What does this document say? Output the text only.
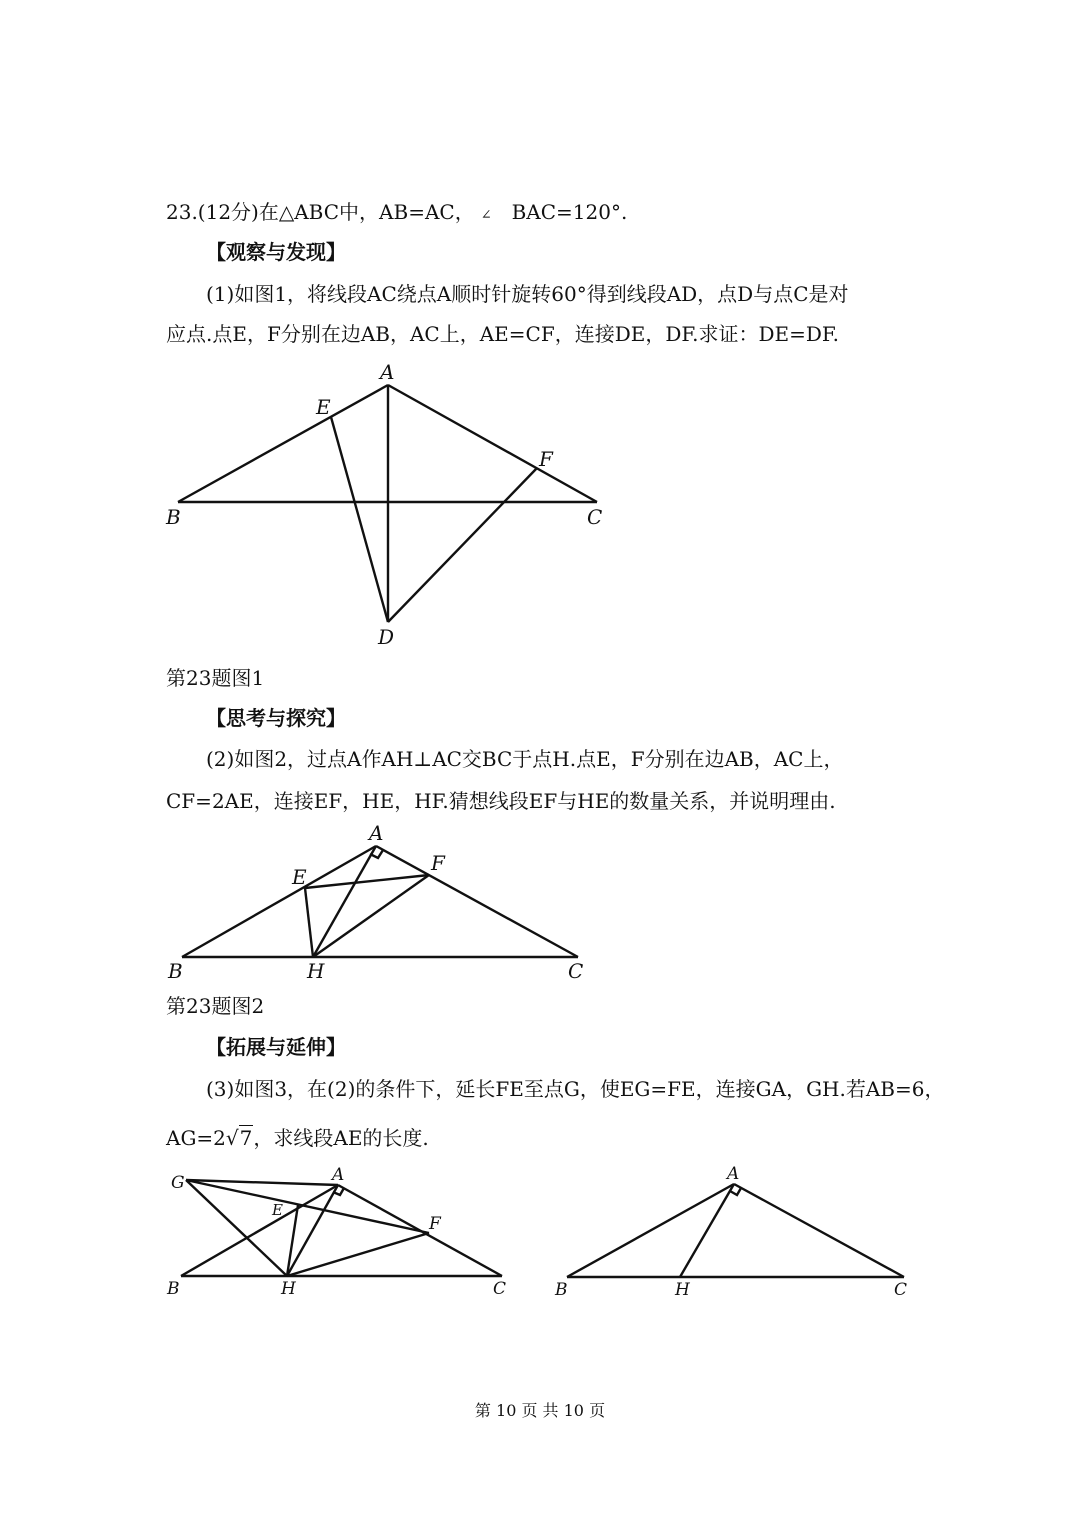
23.(12分)在△ABC中，AB=AC， ∠ BAC=120°.

【观察与发现】

(1)如图1，将线段AC绕点A顺时针旋转60°得到线段AD，点D与点C是对

应点.点E，F分别在边AB，AC上，AE=CF，连接DE，DF.求证：DE=DF.

A
E
F
B	C
D

第23题图1

【思考与探究】

(2)如图2，过点A作AH⊥AC交BC于点H.点E，F分别在边AB，AC上，

CF=2AE，连接EF，HE，HF.猜想线段EF与HE的数量关系，并说明理由.

A
E
F
B	H	C

第23题图2

【拓展与延伸】

(3)如图3，在(2)的条件下，延长FE至点G，使EG=FE，连接GA，GH.若AB=6，

AG=2√7，求线段AE的长度.

G	A
E
F
B	H	C
A
B	H	C
第 10 页 共 10 页
